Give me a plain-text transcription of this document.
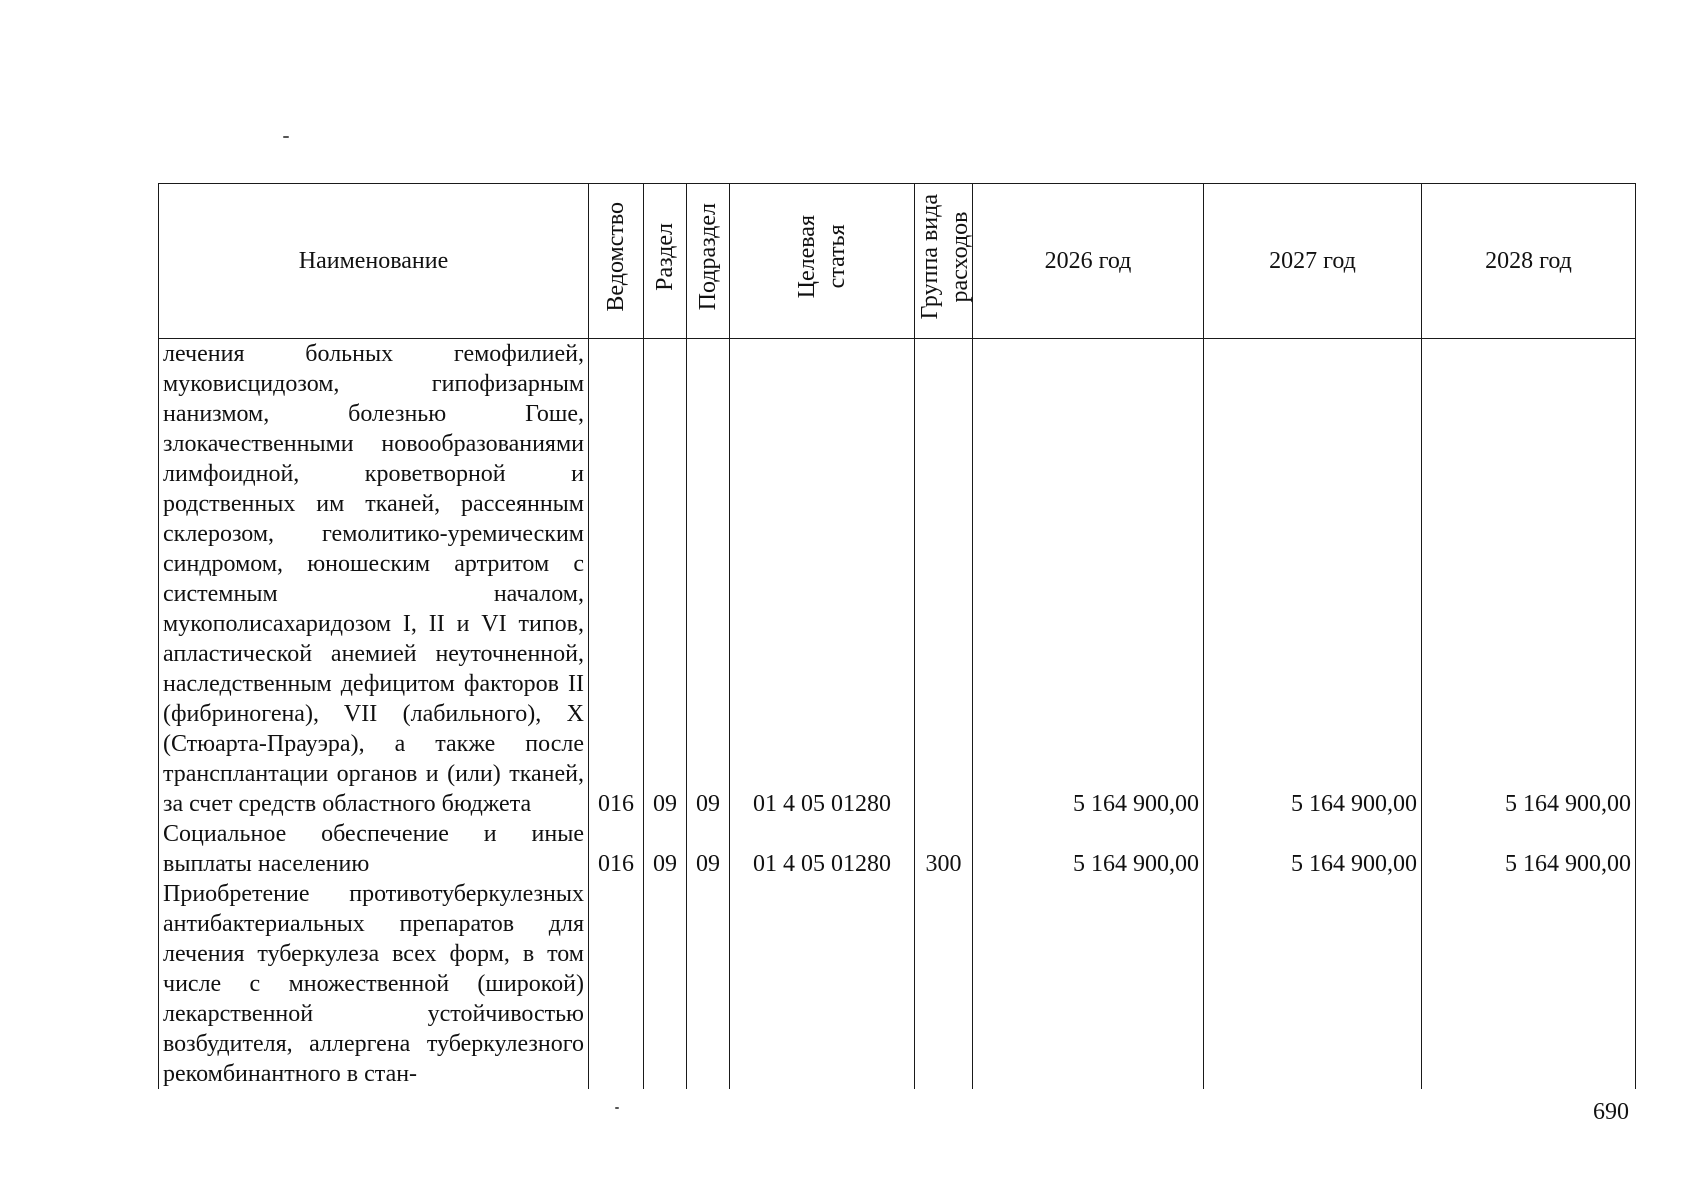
Наименование	Ведомство	Раздел	Подраздел	Целевая статья	Группа вида расходов	2026 год	2027 год	2028 год
лечения больных гемофилией, муковисцидозом, гипофизарным нанизмом, болезнью Гоше, злокачественными новообразованиями лимфоидной, кроветворной и родственных им тканей, рассеянным склерозом, гемолитико-уремическим синдромом, юношеским артритом с системным началом, мукополисахаридозом I, II и VI типов, апластической анемией неуточненной, наследственным дефицитом факторов II (фибриногена), VII (лабильного), X (Стюарта-Прауэра), а также после трансплантации органов и (или) тканей, за счет средств областного бюджета	016	09	09	01 4 05 01280		5 164 900,00	5 164 900,00	5 164 900,00
Социальное обеспечение и иные выплаты населению	016	09	09	01 4 05 01280	300	5 164 900,00	5 164 900,00	5 164 900,00
Приобретение противотуберкулезных антибактериальных препаратов для лечения туберкулеза всех форм, в том числе с множественной (широкой) лекарственной устойчивостью возбудителя, аллергена туберкулезного рекомбинантного в стан-								
690
